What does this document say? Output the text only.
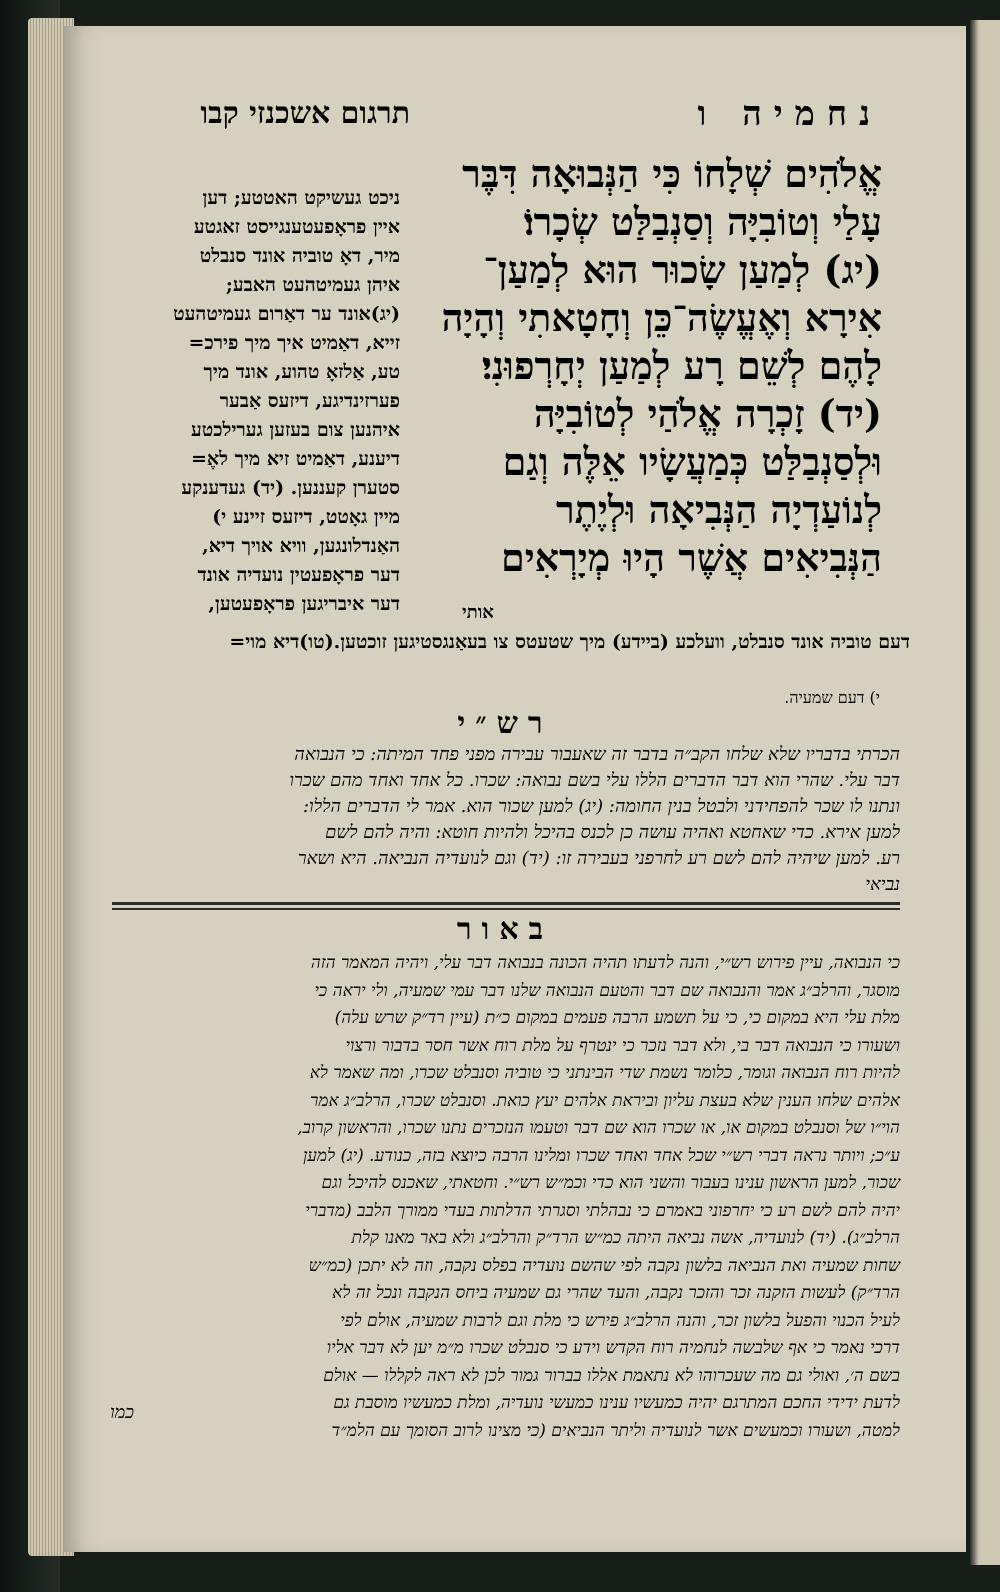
נחמיה ו
תרגום אשכנזי קבו
אֱלֹהִים שְׁלָחוֹ כִּי הַנְּבוּאָה דִּבֶּר
עָלַי וְטוֹבִיָּה וְסַנְבַלַּט שְׂכָרוֹ׃
(יג) לְמַעַן שָׂכוּר הוּא לְמַעַן־
אִירָא וְאֶעֱשֶׂה־כֵּן וְחָטָאתִי וְהָיָה
לָהֶם לְשֵׁם רָע לְמַעַן יְחָרְפוּנִי׃
(יד) זָכְרָה אֱלֹהַי לְטוֹבִיָּה
וּלְסַנְבַלַּט כְּמַעֲשָׂיו אֵלֶּה וְגַם
לְנוֹעַדְיָה הַנְּבִיאָה וּלְיֶתֶר
הַנְּבִיאִים אֲשֶׁר הָיוּ מְיָרְאִים
אותי
ניכט געשיקט האטטע; דען
איין פראָפעטענגייסט זאגטע
מיר, דאָ טוביה אונד סנבלט
איהן געמיטהעט האבע;
(יג)אונד ער דאַרום געמיטהעט
זייא, דאַמיט איך מיך פירכ=
טע, אַלזאָ טהוע, אונד מיך
פערזינדיגע, דיזעס אַבער
איהנען צום בעזען גערילכטע
דיענע, דאַמיט זיא מיך לאֶ=
סטערן קעננען. (יד) געדענקע
מיין גאָטט, דיזעס זיינע י)
האַנדלונגען, וויא אויך דיא,
דער פראָפעטין נועדיה אונד
דער איבריגען פראָפעטען,
דעם טוביה אונד סנבלט, וועלכע (ביידע) מיך שטעטס צו בעאַנגסטיגען זוכטען.(טו)דיא מוי=
י) דעם שמעיה.
רש״י
הכרתי בדבריו שלא שלחו הקב״ה בדבר זה שאעבור עבירה מפני פחד המיתה: כי הנבואה
דבר עלי. שהרי הוא דבר הדברים הללו עלי בשם נבואה: שכרו. כל אחד ואחד מהם שכרו
ונתנו לו שכר להפחידני ולבטל בנין החומה: (יג) למען שכור הוא. אמר לי הדברים הללו:
למען אירא. כדי שאחטא ואהיה עושה כן לכנס בהיכל ולהיות חוטא: והיה להם לשם
רע. למען שיהיה להם לשם רע לחרפני בעבירה זו: (יד) וגם לנועדיה הנביאה. היא ושאר
נביאי
באור
כי הנבואה, עיין פירוש רש״י, והנה לדעתו תהיה הכונה בנבואה דבר עלי, ויהיה המאמר הזה
מוסגר, והרלב״ג אמר והנבואה שם דבר והטעם הנבואה שלנו דבר עמי שמעיה, ולי יראה כי
מלת עלי היא במקום כי, כי על תשמע הרבה פעמים במקום כ״ת (עיין רד״ק שרש עלה)
ושעורו כי הנבואה דבר בי, ולא דבר נזכר כי ינטרף על מלת רוח אשר חסר בדבור ורצוי
להיות רוח הנבואה וגומר, כלומר נשמת שדי הבינתני כי טוביה וסנבלט שכרו, ומה שאמר לא
אלהים שלחו הענין שלא בעצת עליון וביראת אלהים יעץ כואת. וסנבלט שכרו, הרלב״ג אמר
הוי״ו של וסנבלט במקום או, או שכרו הוא שם דבר וטעמו הנזכרים נתנו שכרו, והראשון קרוב,
ע״כ; ויותר נראה דברי רש״י שכל אחד ואחד שכרו ומלינו הרבה כיוצא בזה, כנודע. (יג) למען
שכור, למען הראשון ענינו בעבור והשני הוא כדי וכמ״ש רש״י. וחטאתי, שאכנס להיכל וגם
יהיה להם לשם רע כי יחרפוני באמרם כי נבהלתי וסגרתי הדלתות בעדי ממורך הלבב (מדברי
הרלב״ג). (יד) לנועדיה, אשה נביאה היתה כמ״ש הרד״ק והרלב״ג ולא באר מאנו קלת
שחות שמעיה ואת הנביאה בלשון נקבה לפי שהשם נועדיה בפלס נקבה, וזה לא יתכן (כמ״ש
הרד״ק) לעשות הזקנה זכר והזכר נקבה, והעד שהרי גם שמעיה ביחס הנקבה ונכל זה לא
לעיל הכנוי והפעל בלשון זכר, והנה הרלב״ג פירש כי מלת וגם לרבות שמעיה, אולם לפי
דרכי נאמר כי אף שלבשה לנחמיה רוח הקדש וידע כי סנבלט שכרו מ״מ יען לא דבר אליו
בשם ה׳, ואולי גם מה שעכרוהו לא נתאמת אללו בברור גמור לכן לא ראה לקללו — אולם
לדעת ידידי החכם המתרגם יהיה כמעשיו ענינו כמעשי נועדיה, ומלת כמעשיו מוסבת גם
למטה, ושעורו וכמעשים אשר לנועדיה וליתר הנביאים (כי מצינו לרוב הסומך עם הלמ״ד
כמו
